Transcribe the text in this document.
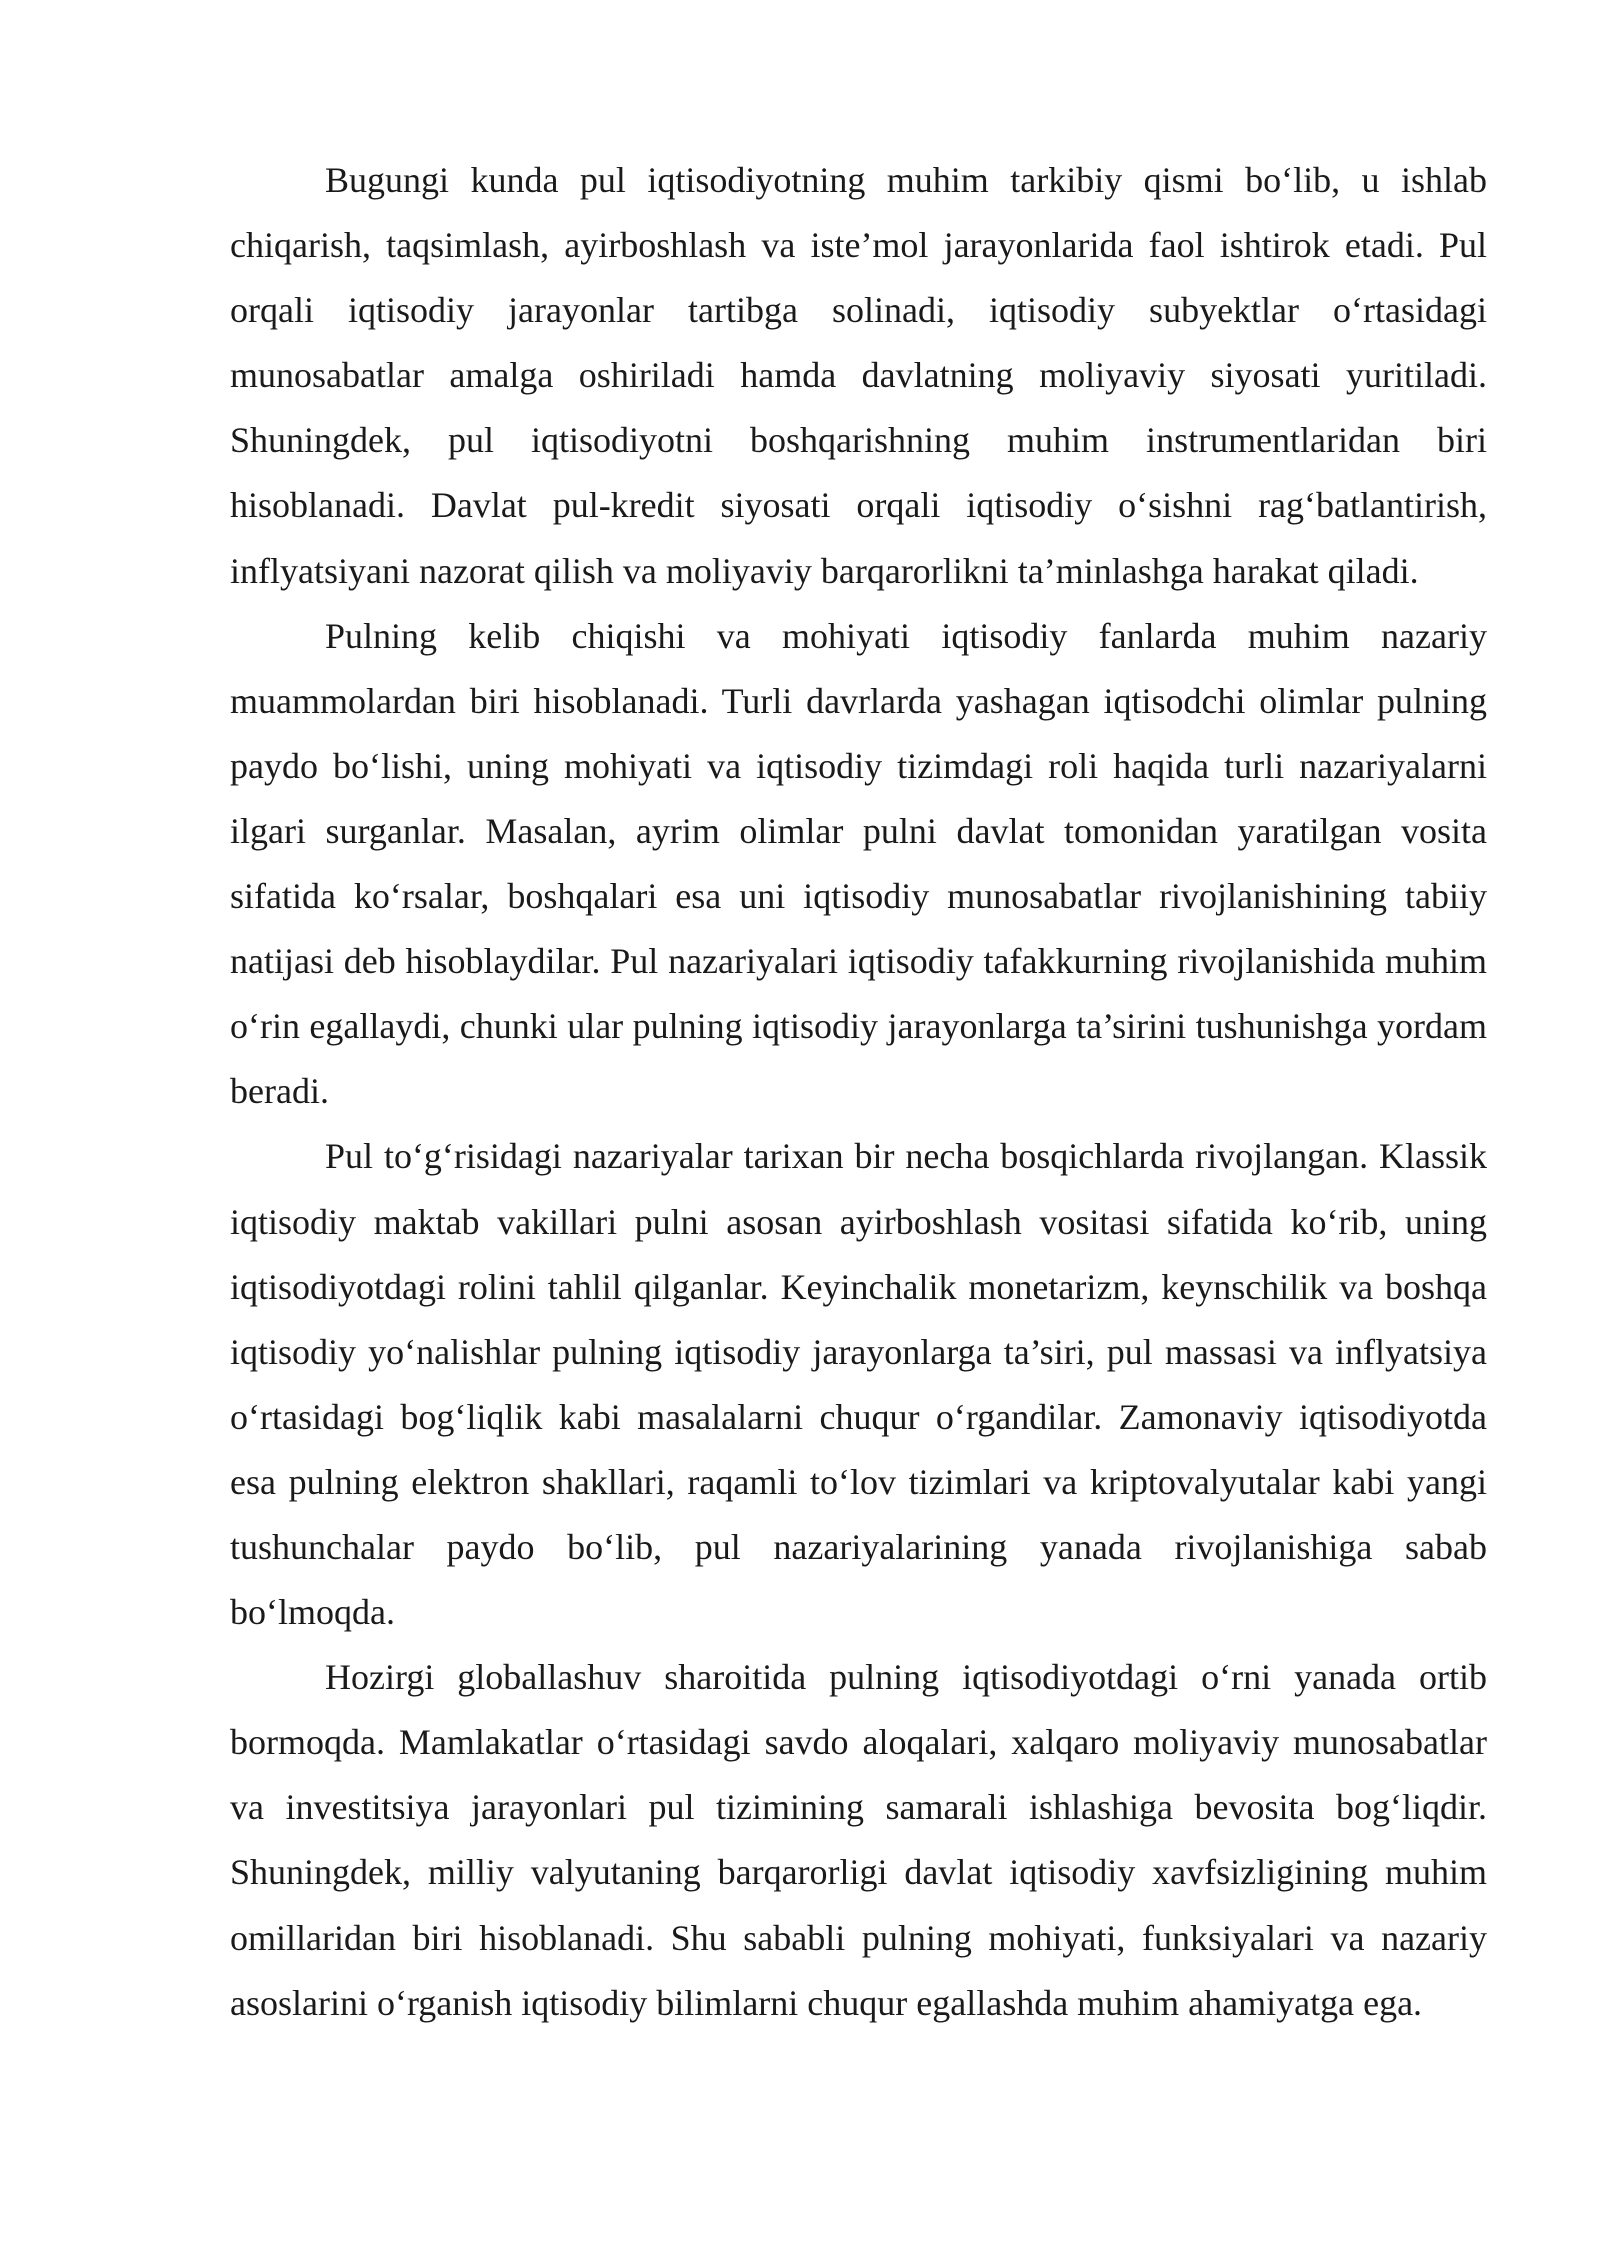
Bugungi kunda pul iqtisodiyotning muhim tarkibiy qismi bo‘lib, u ishlab chiqarish, taqsimlash, ayirboshlash va iste’mol jarayonlarida faol ishtirok etadi. Pul orqali iqtisodiy jarayonlar tartibga solinadi, iqtisodiy subyektlar o‘rtasidagi munosabatlar amalga oshiriladi hamda davlatning moliyaviy siyosati yuritiladi. Shuningdek, pul iqtisodiyotni boshqarishning muhim instrumentlaridan biri hisoblanadi. Davlat pul-kredit siyosati orqali iqtisodiy o‘sishni rag‘batlantirish, inflyatsiyani nazorat qilish va moliyaviy barqarorlikni ta’minlashga harakat qiladi.

Pulning kelib chiqishi va mohiyati iqtisodiy fanlarda muhim nazariy muammolardan biri hisoblanadi. Turli davrlarda yashagan iqtisodchi olimlar pulning paydo bo‘lishi, uning mohiyati va iqtisodiy tizimdagi roli haqida turli nazariyalarni ilgari surganlar. Masalan, ayrim olimlar pulni davlat tomonidan yaratilgan vosita sifatida ko‘rsalar, boshqalari esa uni iqtisodiy munosabatlar rivojlanishining tabiiy natijasi deb hisoblaydilar. Pul nazariyalari iqtisodiy tafakkurning rivojlanishida muhim o‘rin egallaydi, chunki ular pulning iqtisodiy jarayonlarga ta’sirini tushunishga yordam beradi.

Pul to‘g‘risidagi nazariyalar tarixan bir necha bosqichlarda rivojlangan. Klassik iqtisodiy maktab vakillari pulni asosan ayirboshlash vositasi sifatida ko‘rib, uning iqtisodiyotdagi rolini tahlil qilganlar. Keyinchalik monetarizm, keynschilik va boshqa iqtisodiy yo‘nalishlar pulning iqtisodiy jarayonlarga ta’siri, pul massasi va inflyatsiya o‘rtasidagi bog‘liqlik kabi masalalarni chuqur o‘rgandilar. Zamonaviy iqtisodiyotda esa pulning elektron shakllari, raqamli to‘lov tizimlari va kriptovalyutalar kabi yangi tushunchalar paydo bo‘lib, pul nazariyalarining yanada rivojlanishiga sabab bo‘lmoqda.

Hozirgi globallashuv sharoitida pulning iqtisodiyotdagi o‘rni yanada ortib bormoqda. Mamlakatlar o‘rtasidagi savdo aloqalari, xalqaro moliyaviy munosabatlar va investitsiya jarayonlari pul tizimining samarali ishlashiga bevosita bog‘liqdir. Shuningdek, milliy valyutaning barqarorligi davlat iqtisodiy xavfsizligining muhim omillaridan biri hisoblanadi. Shu sababli pulning mohiyati, funksiyalari va nazariy asoslarini o‘rganish iqtisodiy bilimlarni chuqur egallashda muhim ahamiyatga ega.
